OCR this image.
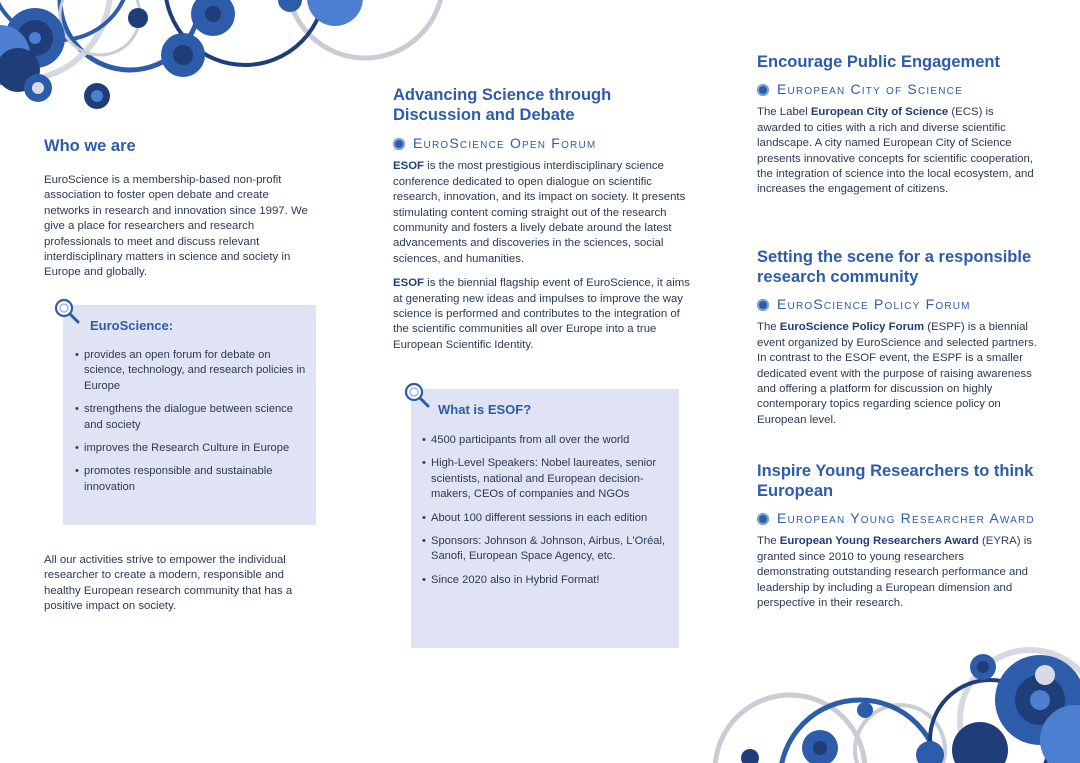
Who we are

EuroScience is a membership-based non-profit association to foster open debate and create networks in research and innovation since 1997. We give a place for researchers and research professionals to meet and discuss relevant interdisciplinary matters in science and society in Europe and globally.

EuroScience:
• provides an open forum for debate on science, technology, and research policies in Europe
• strengthens the dialogue between science and society
• improves the Research Culture in Europe
• promotes responsible and sustainable innovation

All our activities strive to empower the individual researcher to create a modern, responsible and healthy European research community that has a positive impact on society.

Advancing Science through Discussion and Debate
EuroScience Open Forum

ESOF is the most prestigious interdisciplinary science conference dedicated to open dialogue on scientific research, innovation, and its impact on society. It presents stimulating content coming straight out of the research community and fosters a lively debate around the latest advancements and discoveries in the sciences, social sciences, and humanities.

ESOF is the biennial flagship event of EuroScience, it aims at generating new ideas and impulses to improve the way science is performed and contributes to the integration of the scientific communities all over Europe into a true European Scientific Identity.

What is ESOF?
• 4500 participants from all over the world
• High-Level Speakers: Nobel laureates, senior scientists, national and European decision-makers, CEOs of companies and NGOs
• About 100 different sessions in each edition
• Sponsors: Johnson & Johnson, Airbus, L'Oréal, Sanofi, European Space Agency, etc.
• Since 2020 also in Hybrid Format!
Encourage Public Engagement
European City of Science

The Label European City of Science (ECS) is awarded to cities with a rich and diverse scientific landscape. A city named European City of Science presents innovative concepts for scientific cooperation, the integration of science into the local ecosystem, and increases the engagement of citizens.

Setting the scene for a responsible research community
EuroScience Policy Forum

The EuroScience Policy Forum (ESPF) is a biennial event organized by EuroScience and selected partners. In contrast to the ESOF event, the ESPF is a smaller dedicated event with the purpose of raising awareness and offering a platform for discussion on highly contemporary topics regarding science policy on European level.

Inspire Young Researchers to think European
European Young Researcher Award

The European Young Researchers Award (EYRA) is granted since 2010 to young researchers demonstrating outstanding research performance and leadership by including a European dimension and perspective in their research.
